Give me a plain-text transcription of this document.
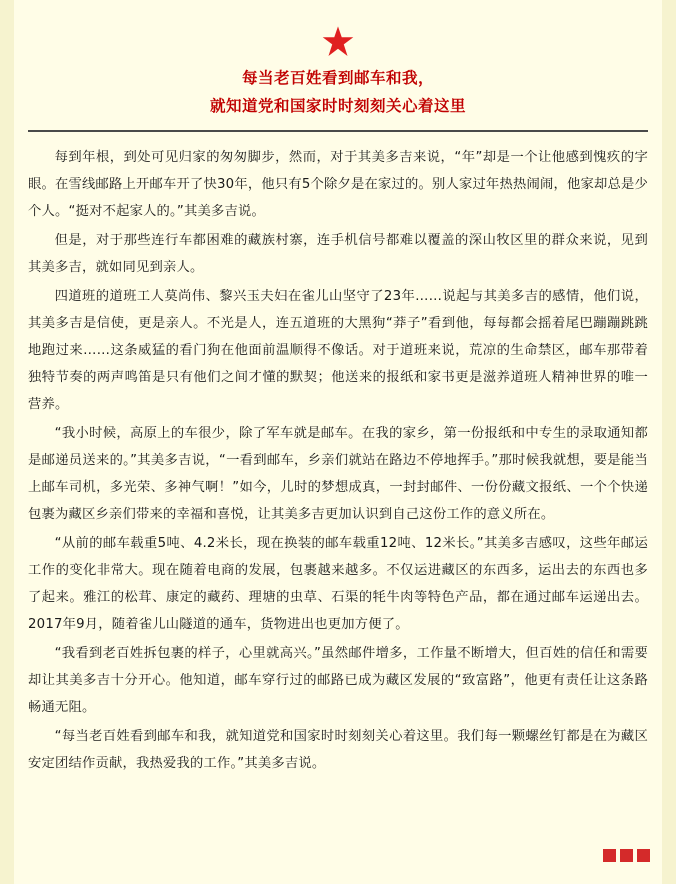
每当老百姓看到邮车和我，
就知道党和国家时时刻刻关心着这里

每到年根，到处可见归家的匆匆脚步，然而，对于其美多吉来说，“年”却是一个让他感到愧疚的字眼。在雪线邮路上开邮车开了快30年，他只有5个除夕是在家过的。别人家过年热热闹闹，他家却总是少个人。“挺对不起家人的。”其美多吉说。

但是，对于那些连行车都困难的藏族村寨，连手机信号都难以覆盖的深山牧区里的群众来说，见到其美多吉，就如同见到亲人。

四道班的道班工人莫尚伟、黎兴玉夫妇在雀儿山坚守了23年……说起与其美多吉的感情，他们说，其美多吉是信使，更是亲人。不光是人，连五道班的大黑狗“莽子”看到他，每每都会摇着尾巴蹦蹦跳跳地跑过来……这条威猛的看门狗在他面前温顺得不像话。对于道班来说，荒凉的生命禁区，邮车那带着独特节奏的两声鸣笛是只有他们之间才懂的默契；他送来的报纸和家书更是滋养道班人精神世界的唯一营养。

“我小时候，高原上的车很少，除了军车就是邮车。在我的家乡，第一份报纸和中专生的录取通知都是邮递员送来的。”其美多吉说，“一看到邮车，乡亲们就站在路边不停地挥手。”那时候我就想，要是能当上邮车司机，多光荣、多神气啊！”如今，儿时的梦想成真，一封封邮件、一份份藏文报纸、一个个快递包裹为藏区乡亲们带来的幸福和喜悦，让其美多吉更加认识到自己这份工作的意义所在。

“从前的邮车载重5吨、4.2米长，现在换装的邮车载重12吨、12米长。”其美多吉感叹，这些年邮运工作的变化非常大。现在随着电商的发展，包裹越来越多。不仅运进藏区的东西多，运出去的东西也多了起来。雅江的松茸、康定的藏药、理塘的虫草、石渠的牦牛肉等特色产品，都在通过邮车运递出去。2017年9月，随着雀儿山隧道的通车，货物进出也更加方便了。

“我看到老百姓拆包裹的样子，心里就高兴。”虽然邮件增多，工作量不断增大，但百姓的信任和需要却让其美多吉十分开心。他知道，邮车穿行过的邮路已成为藏区发展的“致富路”，他更有责任让这条路畅通无阻。

“每当老百姓看到邮车和我，就知道党和国家时时刻刻关心着这里。我们每一颗螺丝钉都是在为藏区安定团结作贡献，我热爱我的工作。”其美多吉说。
